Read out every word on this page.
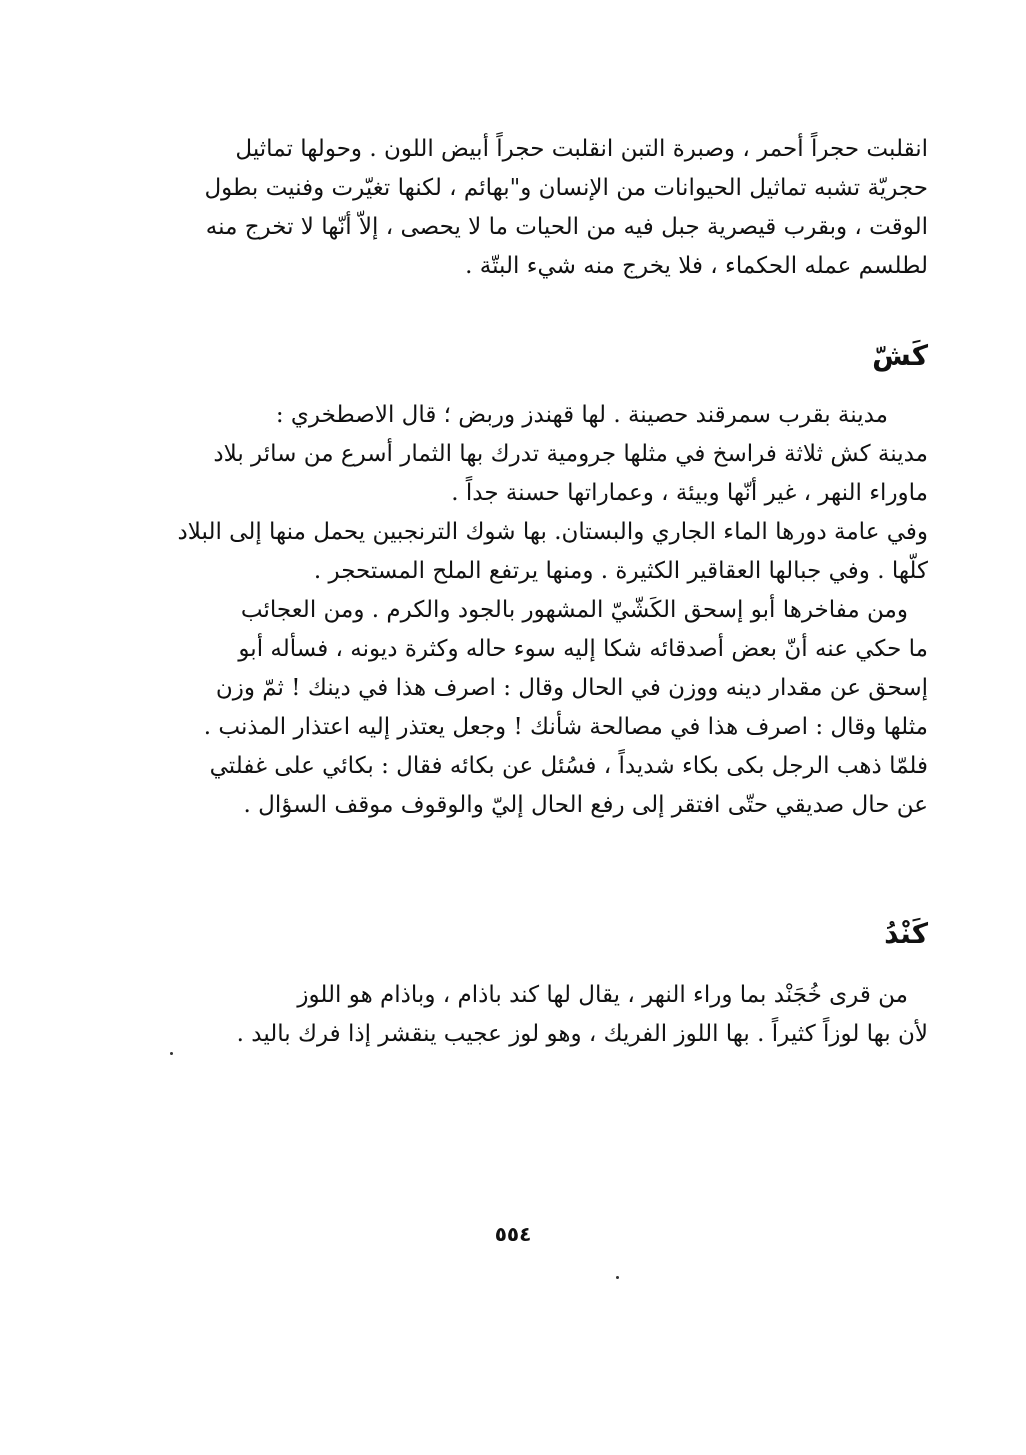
انقلبت حجراً أحمر ، وصبرة التبن انقلبت حجراً أبيض اللون . وحولها تماثيل
حجريّة تشبه تماثيل الحيوانات من الإنسان و"بهائم ، لكنها تغيّرت وفنيت بطول
الوقت ، وبقرب قيصرية جبل فيه من الحيات ما لا يحصى ، إلاّ أنّها لا تخرج منه
لطلسم عمله الحكماء ، فلا يخرج منه شيء البتّة .
كَشّ
مدينة بقرب سمرقند حصينة . لها قهندز وربض ؛ قال الاصطخري :
مدينة كش ثلاثة فراسخ في مثلها جرومية تدرك بها الثمار أسرع من سائر بلاد
ماوراء النهر ، غير أنّها وبيئة ، وعماراتها حسنة جداً .
وفي عامة دورها الماء الجاري والبستان. بها شوك الترنجبين يحمل منها إلى البلاد
كلّها . وفي جبالها العقاقير الكثيرة . ومنها يرتفع الملح المستحجر .
ومن مفاخرها أبو إسحق الكَشّيّ المشهور بالجود والكرم . ومن العجائب
ما حكي عنه أنّ بعض أصدقائه شكا إليه سوء حاله وكثرة ديونه ، فسأله أبو
إسحق عن مقدار دينه ووزن في الحال وقال : اصرف هذا في دينك ! ثمّ وزن
مثلها وقال : اصرف هذا في مصالحة شأنك ! وجعل يعتذر إليه اعتذار المذنب .
فلمّا ذهب الرجل بكى بكاء شديداً ، فسُئل عن بكائه فقال : بكائي على غفلتي
عن حال صديقي حتّى افتقر إلى رفع الحال إليّ والوقوف موقف السؤال .
كَنْدُ
من قرى خُجَنْد بما وراء النهر ، يقال لها كند باذام ، وباذام هو اللوز
لأن بها لوزاً كثيراً . بها اللوز الفريك ، وهو لوز عجيب ينقشر إذا فرك باليد .
٥٥٤
